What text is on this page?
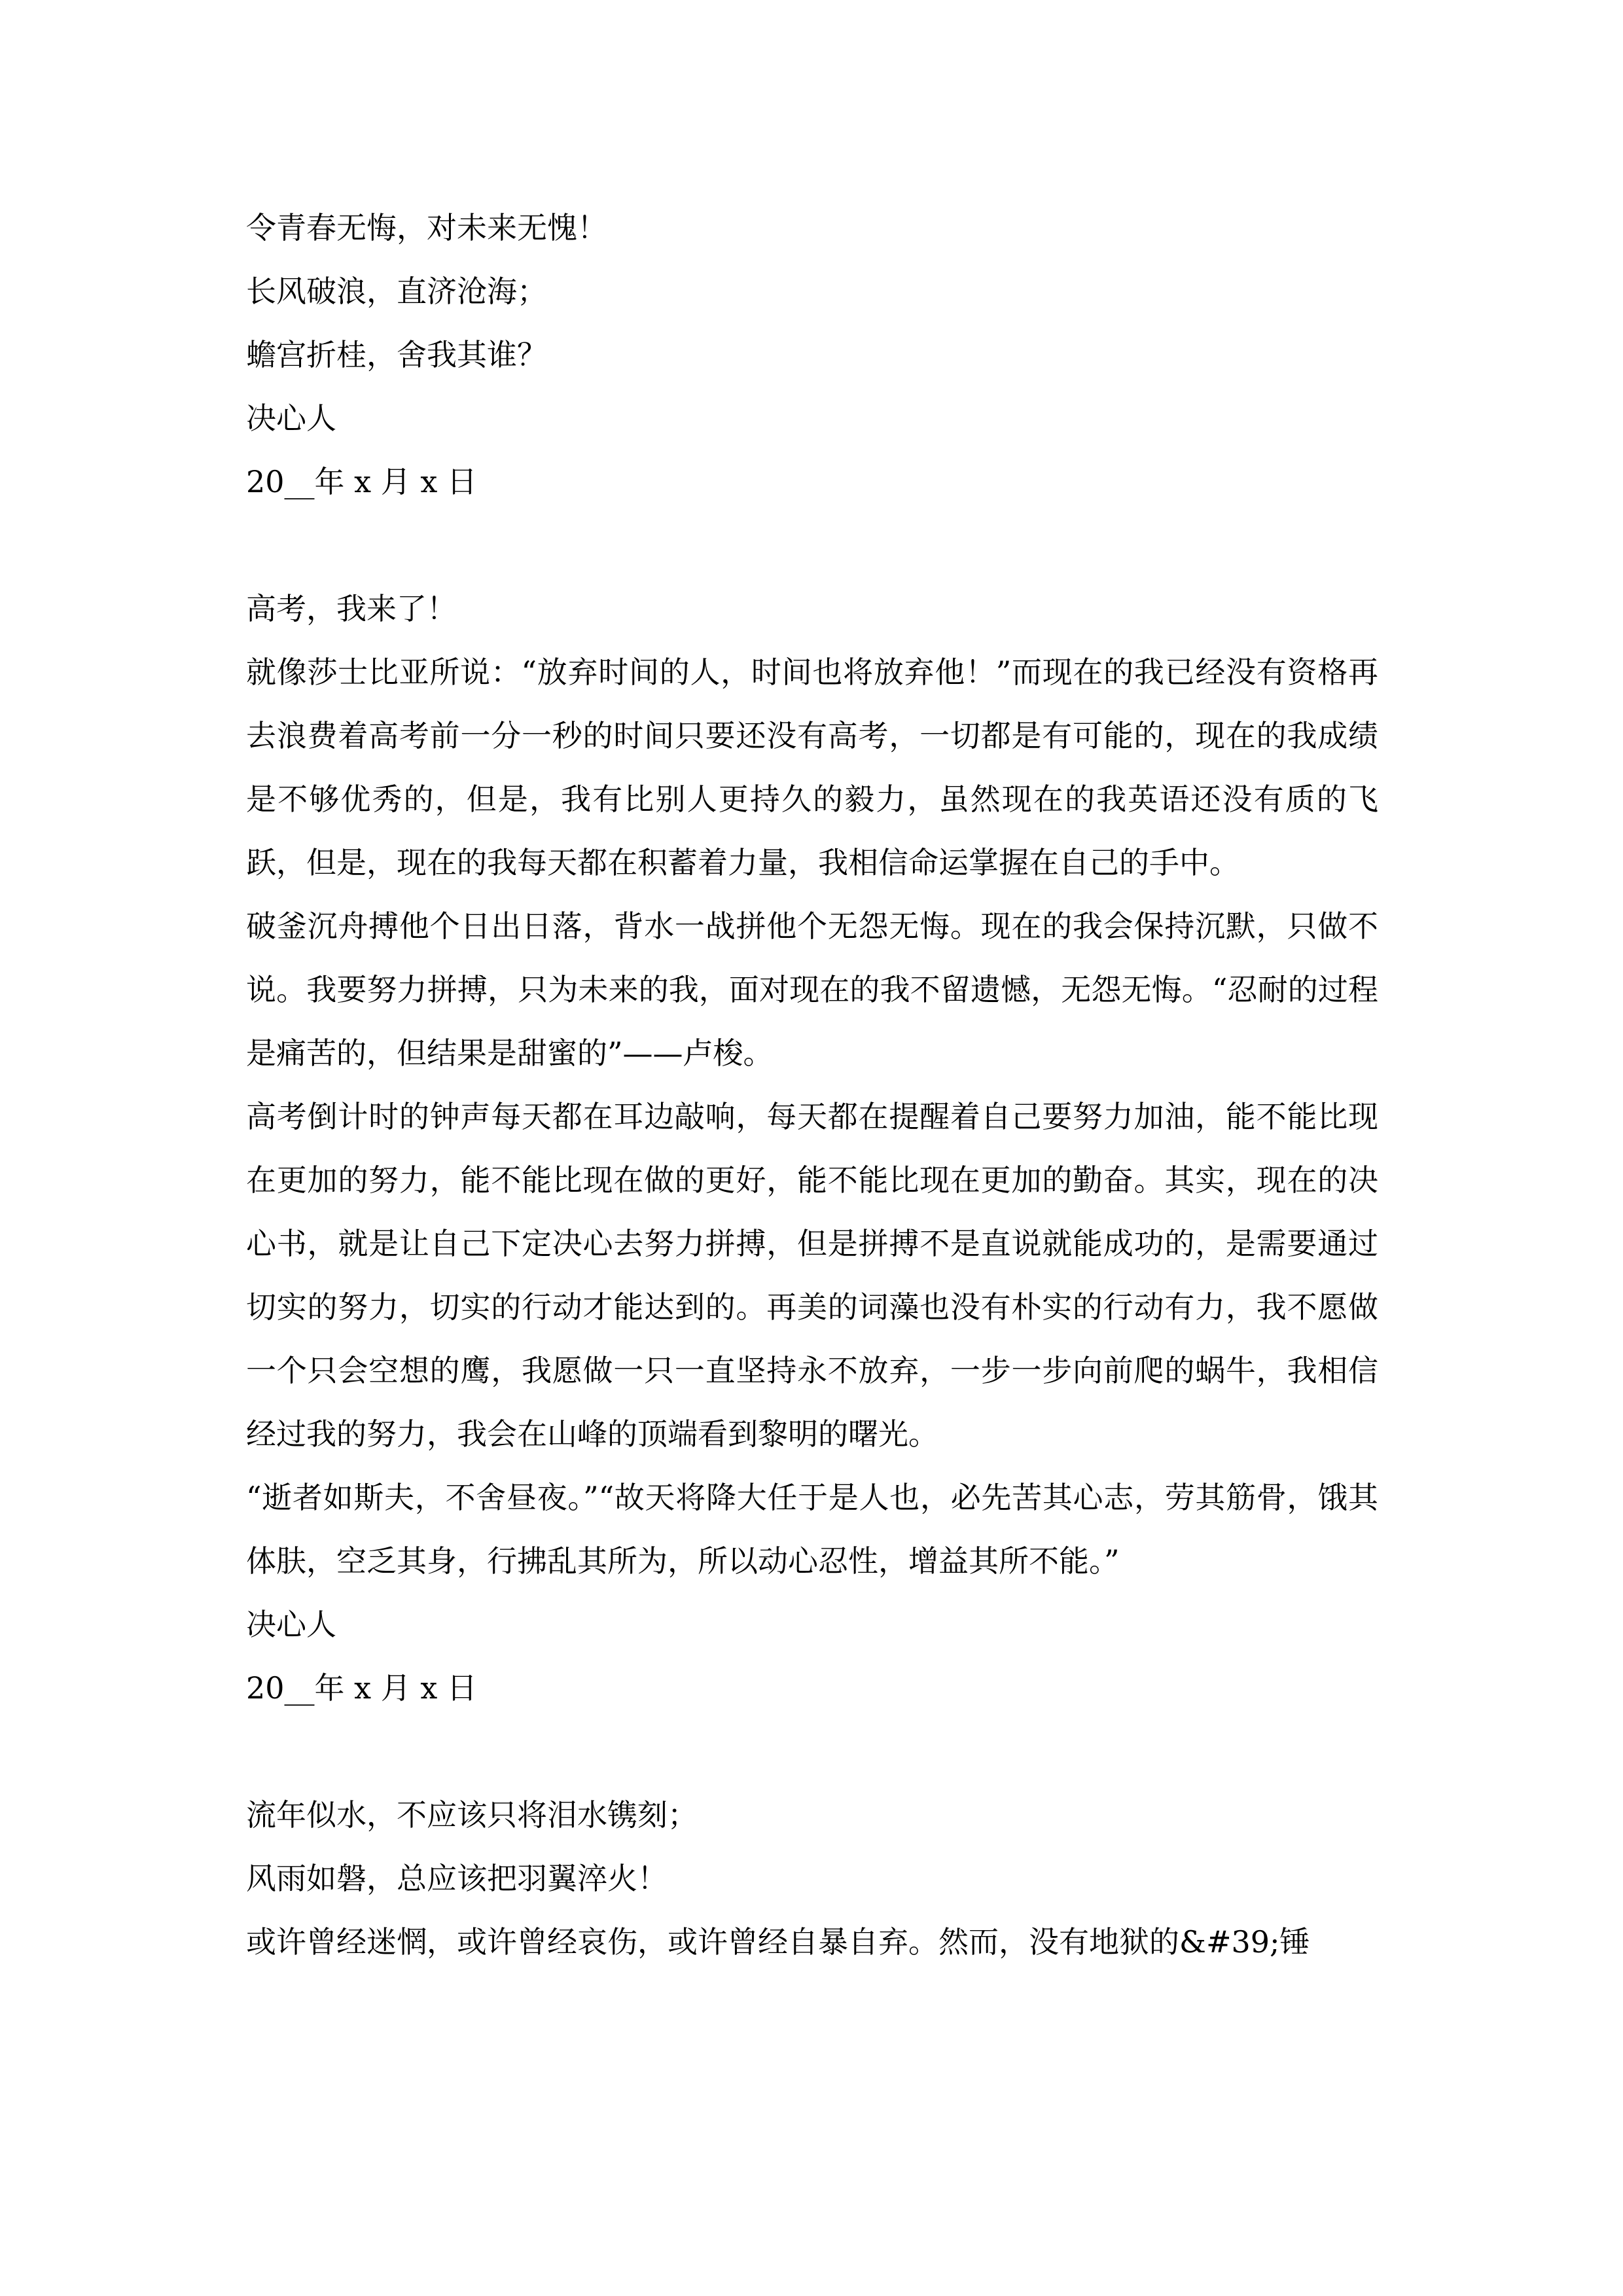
令青春无悔，对未来无愧！
长风破浪，直济沧海；
蟾宫折桂，舍我其谁？
决心人
20__年 x 月 x 日
高考，我来了！
就像莎士比亚所说：“放弃时间的人，时间也将放弃他！”而现在的我已经没有资格再去浪费着高考前一分一秒的时间只要还没有高考，一切都是有可能的，现在的我成绩是不够优秀的，但是，我有比别人更持久的毅力，虽然现在的我英语还没有质的飞跃，但是，现在的我每天都在积蓄着力量，我相信命运掌握在自己的手中。
破釜沉舟搏他个日出日落，背水一战拼他个无怨无悔。现在的我会保持沉默，只做不说。我要努力拼搏，只为未来的我，面对现在的我不留遗憾，无怨无悔。“忍耐的过程是痛苦的，但结果是甜蜜的”——卢梭。
高考倒计时的钟声每天都在耳边敲响，每天都在提醒着自己要努力加油，能不能比现在更加的努力，能不能比现在做的更好，能不能比现在更加的勤奋。其实，现在的决心书，就是让自己下定决心去努力拼搏，但是拼搏不是直说就能成功的，是需要通过切实的努力，切实的行动才能达到的。再美的词藻也没有朴实的行动有力，我不愿做一个只会空想的鹰，我愿做一只一直坚持永不放弃，一步一步向前爬的蜗牛，我相信经过我的努力，我会在山峰的顶端看到黎明的曙光。
“逝者如斯夫，不舍昼夜。”“故天将降大任于是人也，必先苦其心志，劳其筋骨，饿其体肤，空乏其身，行拂乱其所为，所以动心忍性，增益其所不能。”
决心人
20__年 x 月 x 日
流年似水，不应该只将泪水镌刻；
风雨如磐，总应该把羽翼淬火！
或许曾经迷惘，或许曾经哀伤，或许曾经自暴自弃。然而，没有地狱的&#39;锤
